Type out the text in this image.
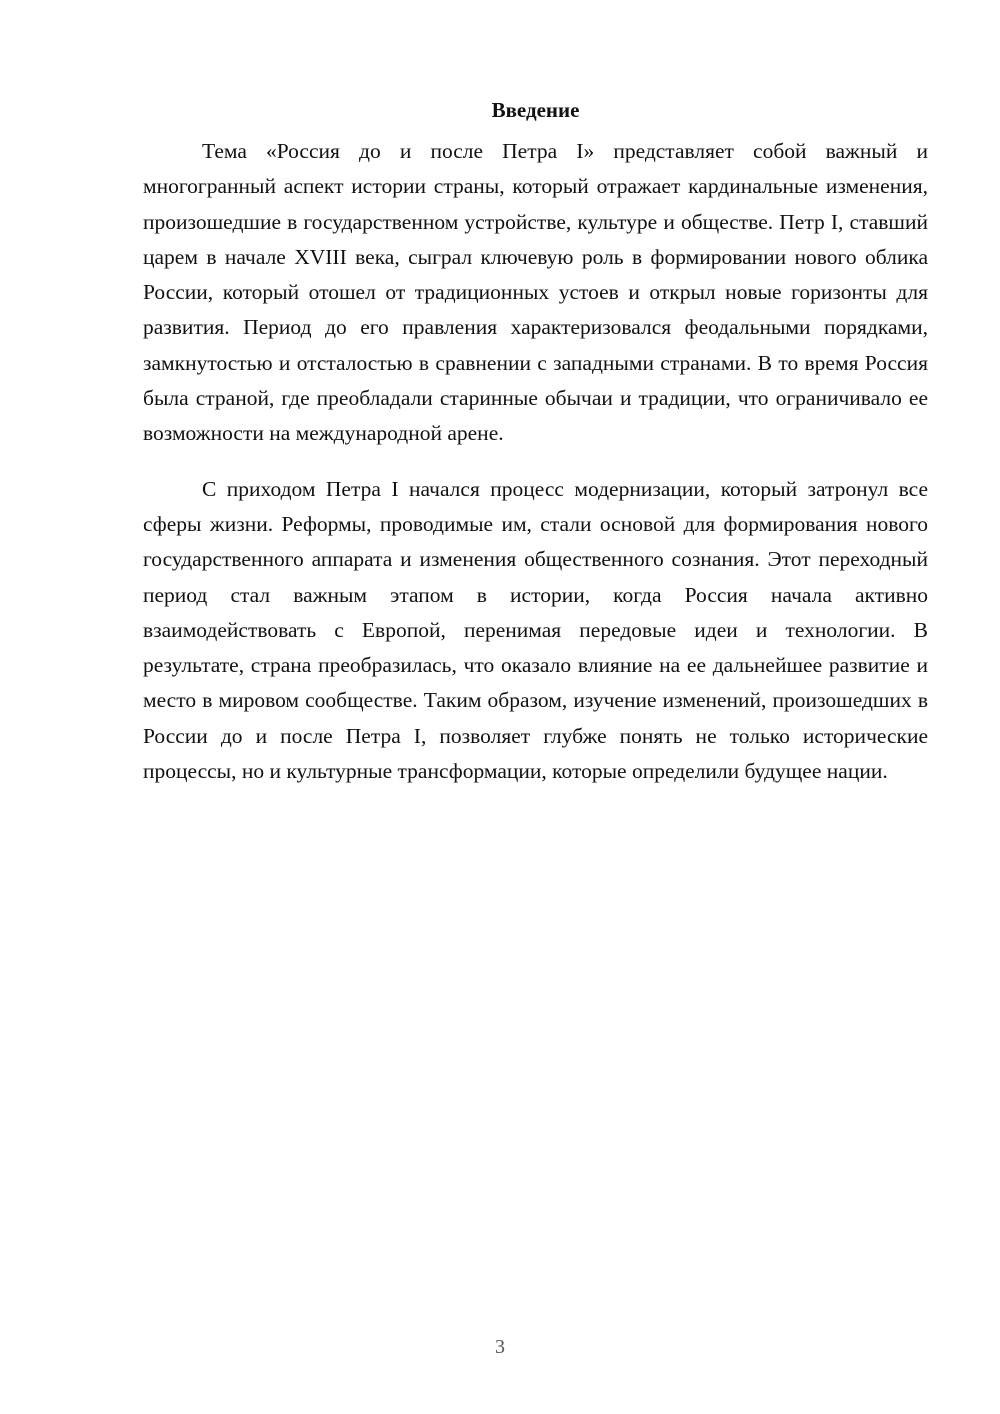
Введение

Тема «Россия до и после Петра I» представляет собой важный и многогранный аспект истории страны, который отражает кардинальные изменения, произошедшие в государственном устройстве, культуре и обществе. Петр I, ставший царем в начале XVIII века, сыграл ключевую роль в формировании нового облика России, который отошел от традиционных устоев и открыл новые горизонты для развития. Период до его правления характеризовался феодальными порядками, замкнутостью и отсталостью в сравнении с западными странами. В то время Россия была страной, где преобладали старинные обычаи и традиции, что ограничивало ее возможности на международной арене.

С приходом Петра I начался процесс модернизации, который затронул все сферы жизни. Реформы, проводимые им, стали основой для формирования нового государственного аппарата и изменения общественного сознания. Этот переходный период стал важным этапом в истории, когда Россия начала активно взаимодействовать с Европой, перенимая передовые идеи и технологии. В результате, страна преобразилась, что оказало влияние на ее дальнейшее развитие и место в мировом сообществе. Таким образом, изучение изменений, произошедших в России до и после Петра I, позволяет глубже понять не только исторические процессы, но и культурные трансформации, которые определили будущее нации.

3
